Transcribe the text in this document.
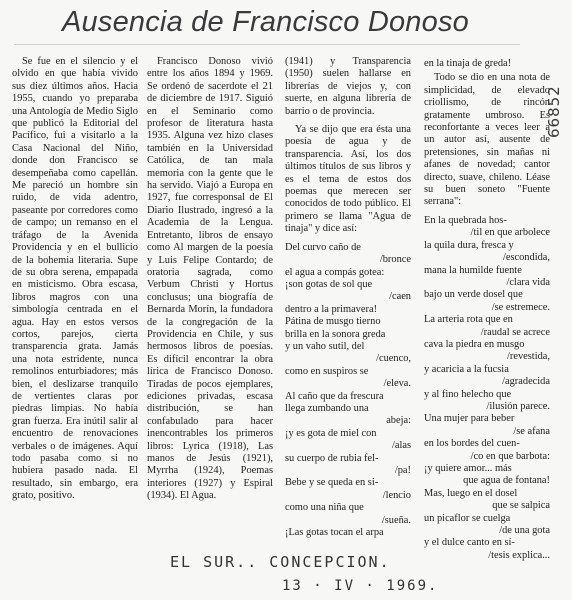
Ausencia de Francisco Donoso

Se fue en el silencio y el olvido en que había vivido sus diez últimos años. Hacia 1955, cuando yo preparaba una Antología de Medio Siglo que publicó la Editorial del Pacífico, fui a visitarlo a la Casa Nacional del Niño, donde don Francisco se desempeñaba como capellán. Me pareció un hombre sin ruido, de vida adentro, paseante por corredores como de campo; un remanso en el tráfago de la Avenida Providencia y en el bullicio de la bohemia literaria. Supe de su obra serena, empapada en misticismo. Obra escasa, libros magros con una simbología centrada en el agua. Hay en estos versos cortos, parejos, cierta transparencia grata. Jamás una nota estridente, nunca remolinos enturbiadores; más bien, el deslizarse tranquilo de vertientes claras por piedras limpias. No había gran fuerza. Era inútil salir al encuentro de renovaciones verbales o de imágenes. Aquí todo pasaba como si no hubiera pasado nada. El resultado, sin embargo, era grato, positivo.

Francisco Donoso vivió entre los años 1894 y 1969. Se ordenó de sacerdote el 21 de diciembre de 1917. Siguió en el Seminario como profesor de literatura hasta 1935. Alguna vez hizo clases también en la Universidad Católica, de tan mala memoria con la gente que le ha servido. Viajó a Europa en 1927, fue corresponsal de El Diario Ilustrado, ingresó a la Academia de la Lengua. Entretanto, libros de ensayo como Al margen de la poesía y Luis Felipe Contardo; de oratoria sagrada, como Verbum Christi y Hortus conclusus; una biografía de Bernarda Morín, la fundadora de la congregación de la Providencia en Chile, y sus hermosos libros de poesías. Es difícil encontrar la obra lírica de Francisco Donoso. Tiradas de pocos ejemplares, ediciones privadas, escasa distribución, se han confabulado para hacer inencontrables los primeros libros: Lyrica (1918), Las manos de Jesús (1921), Myrrha (1924), Poemas interiores (1927) y Espiral (1934). El Agua.

(1941) y Transparencia (1950) suelen hallarse en librerías de viejos y, con suerte, en alguna librería de barrio o de provincia.

Ya se dijo que era ésta una poesía de agua y de transparencia. Así, los dos últimos títulos de sus libros y es el tema de estos dos poemas que merecen ser conocidos de todo público. El primero se llama "Agua de tinaja" y dice así:

Del curvo caño de
/bronce
el agua a compás gotea:
¡son gotas de sol que
/caen
dentro a la primavera!
Pátina de musgo tierno
brilla en la sonora greda
y un vaho sutil, del
/cuenco,
como en suspiros se
/eleva.
Al caño que da frescura
llega zumbando una
abeja:
¡y es gota de miel con
/alas
su cuerpo de rubia fel-
/pa!
Bebe y se queda en si-
/lencio
como una niña que
/sueña.
¡Las gotas tocan el arpa
en la tinaja de greda!

Todo se dio en una nota de simplicidad, de elevado criollismo, de rincón gratamente umbroso. Es reconfortante a veces leer a un autor así, ausente de pretensiones, sin mañas ni afanes de novedad; cantor directo, suave, chileno. Léase su buen soneto "Fuente serrana":

En la quebrada hos-
/til en que arbolece
la quila dura, fresca y
/escondida,
mana la humilde fuente
/clara vida
bajo un verde dosel que
/se estremece.
La arteria rota que en
/raudal se acrece
cava la piedra en musgo
/revestida,
y acaricia a la fucsia
/agradecida
y al fino helecho que
/ilusión parece.
Una mujer para beber
/se afana
en los bordes del cuen-
/co en que barbota:
¡y quiere amor... más
que agua de fontana!
Mas, luego en el dosel
que se salpica
un picaflor se cuelga
/de una gota
y el dulce canto en sí-
/tesis explica...
EL SUR.. CONCEPCION.
13 · IV · 1969.
66852
